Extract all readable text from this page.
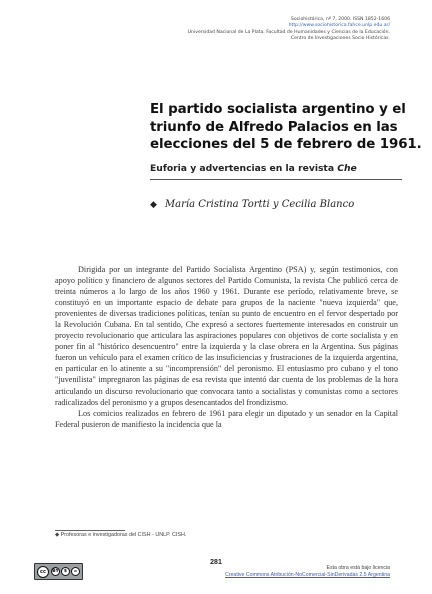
Sociohistórica, nº 7, 2000. ISSN 1852-1606
http://www.sociohistorica.fahce.unlp.edu.ar/
Universidad Nacional de La Plata. Facultad de Humanidades y Ciencias de la Educación.
Centro de Investigaciones Socio Históricas.
El partido socialista argentino y el
triunfo de Alfredo Palacios en las
elecciones del 5 de febrero de 1961.
Euforia y advertencias en la revista Che
◆ María Cristina Tortti y Cecilia Blanco

Dirigida por un integrante del Partido Socialista Argentino (PSA) y, según testimonios, con apoyo político y financiero de algunos sectores del Partido Comunista, la revista Che publicó cerca de treinta números a lo largo de los años 1960 y 1961. Durante ese período, relativamente breve, se constituyó en un importante espacio de debate para grupos de la naciente "nueva izquierda" que, provenientes de diversas tradiciones políticas, tenían su punto de encuentro en el fervor despertado por la Revolución Cubana. En tal sentido, Che expresó a sectores fuertemente interesados en construir un proyecto revolucionario que articulara las aspiraciones populares con objetivos de corte socialista y en poner fin al "histórico desencuentro" entre la izquierda y la clase obrera en la Argentina. Sus páginas fueron un vehículo para el examen crítico de las insuficiencias y frustraciones de la izquierda argentina, en particular en lo atinente a su "incomprensión" del peronismo. El entusiasmo pro cubano y el tono "juvenilista" impregnaron las páginas de esa revista que intentó dar cuenta de los problemas de la hora articulando un discurso revolucionario que convocara tanto a socialistas y comunistas como a sectores radicalizados del peronismo y a grupos desencantados del frondizismo.

Los comicios realizados en febrero de 1961 para elegir un diputado y un senador en la Capital Federal pusieron de manifiesto la incidencia que la

◆ Profesoras e investigadoras del CISH - UNLP. CISH.
cc	BY	$	=
281
Esta obra está bajo licencia
Creative Commons Atribución-NoComercial-SinDerivadas 2.5 Argentina
